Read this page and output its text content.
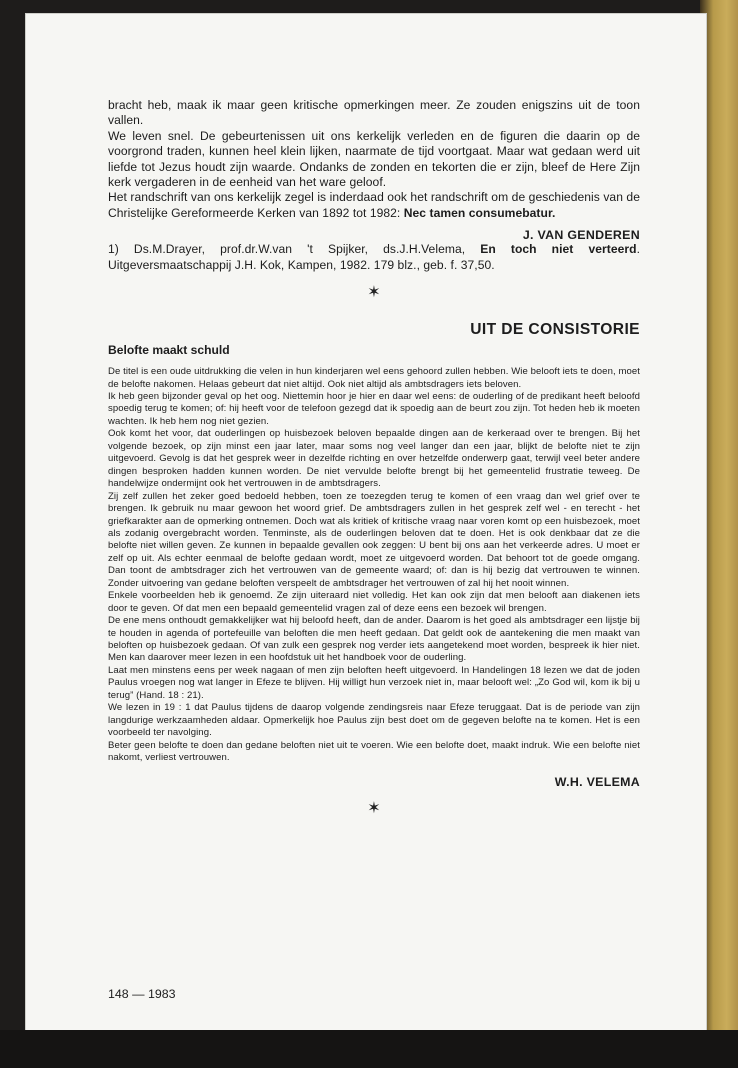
bracht heb, maak ik maar geen kritische opmerkingen meer. Ze zouden enigszins uit de toon vallen.

We leven snel. De gebeurtenissen uit ons kerkelijk verleden en de figuren die daarin op de voorgrond traden, kunnen heel klein lijken, naarmate de tijd voortgaat. Maar wat gedaan werd uit liefde tot Jezus houdt zijn waarde. Ondanks de zonden en tekorten die er zijn, bleef de Here Zijn kerk vergaderen in de eenheid van het ware geloof.

Het randschrift van ons kerkelijk zegel is inderdaad ook het randschrift om de geschiedenis van de Christelijke Gereformeerde Kerken van 1892 tot 1982: Nec tamen consumebatur.

J. VAN GENDEREN

1) Ds.M.Drayer, prof.dr.W.van 't Spijker, ds.J.H.Velema, En toch niet verteerd. Uitgeversmaatschappij J.H. Kok, Kampen, 1982. 179 blz., geb. f. 37,50.

✶
UIT DE CONSISTORIE
Belofte maakt schuld

De titel is een oude uitdrukking die velen in hun kinderjaren wel eens gehoord zullen hebben. Wie belooft iets te doen, moet de belofte nakomen. Helaas gebeurt dat niet altijd. Ook niet altijd als ambtsdragers iets beloven.

Ik heb geen bijzonder geval op het oog. Niettemin hoor je hier en daar wel eens: de ouderling of de predikant heeft beloofd spoedig terug te komen; of: hij heeft voor de telefoon gezegd dat ik spoedig aan de beurt zou zijn. Tot heden heb ik moeten wachten. Ik heb hem nog niet gezien.

Ook komt het voor, dat ouderlingen op huisbezoek beloven bepaalde dingen aan de kerkeraad over te brengen. Bij het volgende bezoek, op zijn minst een jaar later, maar soms nog veel langer dan een jaar, blijkt de belofte niet te zijn uitgevoerd. Gevolg is dat het gesprek weer in dezelfde richting en over hetzelfde onderwerp gaat, terwijl veel beter andere dingen besproken hadden kunnen worden. De niet vervulde belofte brengt bij het gemeentelid frustratie teweeg. De handelwijze ondermijnt ook het vertrouwen in de ambtsdragers.

Zij zelf zullen het zeker goed bedoeld hebben, toen ze toezegden terug te komen of een vraag dan wel grief over te brengen. Ik gebruik nu maar gewoon het woord grief. De ambtsdragers zullen in het gesprek zelf wel - en terecht - het griefkarakter aan de opmerking ontnemen. Doch wat als kritiek of kritische vraag naar voren komt op een huisbezoek, moet als zodanig overgebracht worden. Tenminste, als de ouderlingen beloven dat te doen. Het is ook denkbaar dat ze die belofte niet willen geven. Ze kunnen in bepaalde gevallen ook zeggen: U bent bij ons aan het verkeerde adres. U moet er zelf op uit. Als echter eenmaal de belofte gedaan wordt, moet ze uitgevoerd worden. Dat behoort tot de goede omgang. Dan toont de ambtsdrager zich het vertrouwen van de gemeente waard; of: dan is hij bezig dat vertrouwen te winnen. Zonder uitvoering van gedane beloften verspeelt de ambtsdrager het vertrouwen of zal hij het nooit winnen.

Enkele voorbeelden heb ik genoemd. Ze zijn uiteraard niet volledig. Het kan ook zijn dat men belooft aan diakenen iets door te geven. Of dat men een bepaald gemeentelid vragen zal of deze eens een bezoek wil brengen.

De ene mens onthoudt gemakkelijker wat hij beloofd heeft, dan de ander. Daarom is het goed als ambtsdrager een lijstje bij te houden in agenda of portefeuille van beloften die men heeft gedaan. Dat geldt ook de aantekening die men maakt van beloften op huisbezoek gedaan. Of van zulk een gesprek nog verder iets aangetekend moet worden, bespreek ik hier niet. Men kan daarover meer lezen in een hoofdstuk uit het handboek voor de ouderling.

Laat men minstens eens per week nagaan of men zijn beloften heeft uitgevoerd. In Handelingen 18 lezen we dat de joden Paulus vroegen nog wat langer in Efeze te blijven. Hij willigt hun verzoek niet in, maar belooft wel: „Zo God wil, kom ik bij u terug” (Hand. 18 : 21).

We lezen in 19 : 1 dat Paulus tijdens de daarop volgende zendingsreis naar Efeze teruggaat. Dat is de periode van zijn langdurige werkzaamheden aldaar. Opmerkelijk hoe Paulus zijn best doet om de gegeven belofte na te komen. Het is een voorbeeld ter navolging.

Beter geen belofte te doen dan gedane beloften niet uit te voeren. Wie een belofte doet, maakt indruk. Wie een belofte niet nakomt, verliest vertrouwen.

W.H. VELEMA
✶
148 — 1983
